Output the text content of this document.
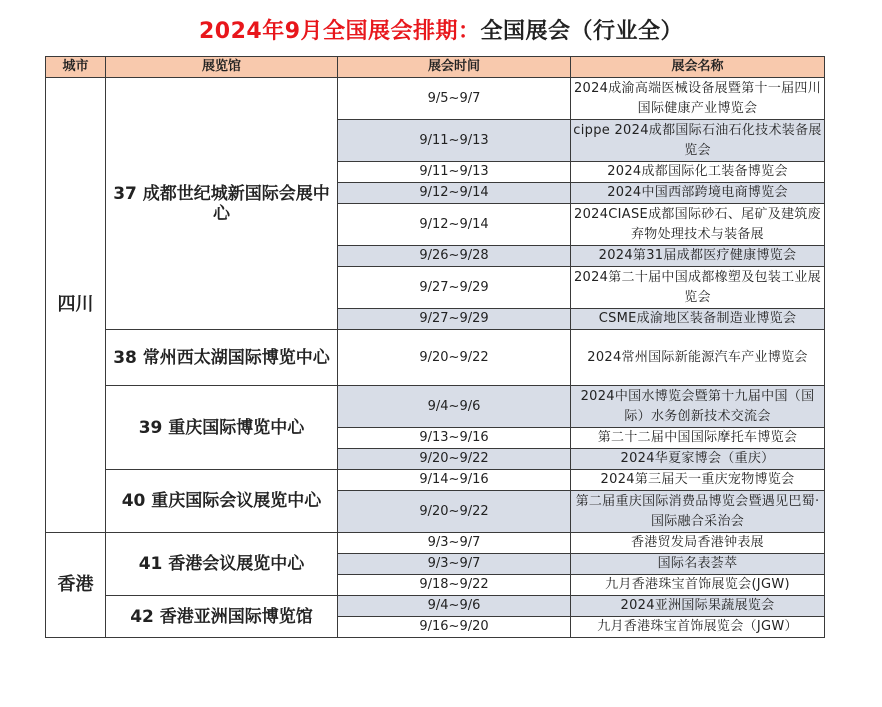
2024年9月全国展会排期：全国展会（行业全）
城市	展览馆	展会时间	展会名称
四川	37 成都世纪城新国际会展中心	9/5~9/7	2024成渝高端医械设备展暨第十一届四川国际健康产业博览会
		9/11~9/13	cippe 2024成都国际石油石化技术装备展览会
		9/11~9/13	2024成都国际化工装备博览会
		9/12~9/14	2024中国西部跨境电商博览会
		9/12~9/14	2024CIASE成都国际砂石、尾矿及建筑废弃物处理技术与装备展
		9/26~9/28	2024第31届成都医疗健康博览会
		9/27~9/29	2024第二十届中国成都橡塑及包装工业展览会
		9/27~9/29	CSME成渝地区装备制造业博览会
	38 常州西太湖国际博览中心	9/20~9/22	2024常州国际新能源汽车产业博览会
	39 重庆国际博览中心	9/4~9/6	2024中国水博览会暨第十九届中国（国际）水务创新技术交流会
		9/13~9/16	第二十二届中国国际摩托车博览会
		9/20~9/22	2024华夏家博会（重庆）
	40 重庆国际会议展览中心	9/14~9/16	2024第三届天一重庆宠物博览会
		9/20~9/22	第二届重庆国际消费品博览会暨遇见巴蜀·国际融合采治会
香港	41 香港会议展览中心	9/3~9/7	香港贸发局香港钟表展
		9/3~9/7	国际名表荟萃
		9/18~9/22	九月香港珠宝首饰展览会(JGW)
	42 香港亚洲国际博览馆	9/4~9/6	2024亚洲国际果蔬展览会
		9/16~9/20	九月香港珠宝首饰展览会（JGW）
